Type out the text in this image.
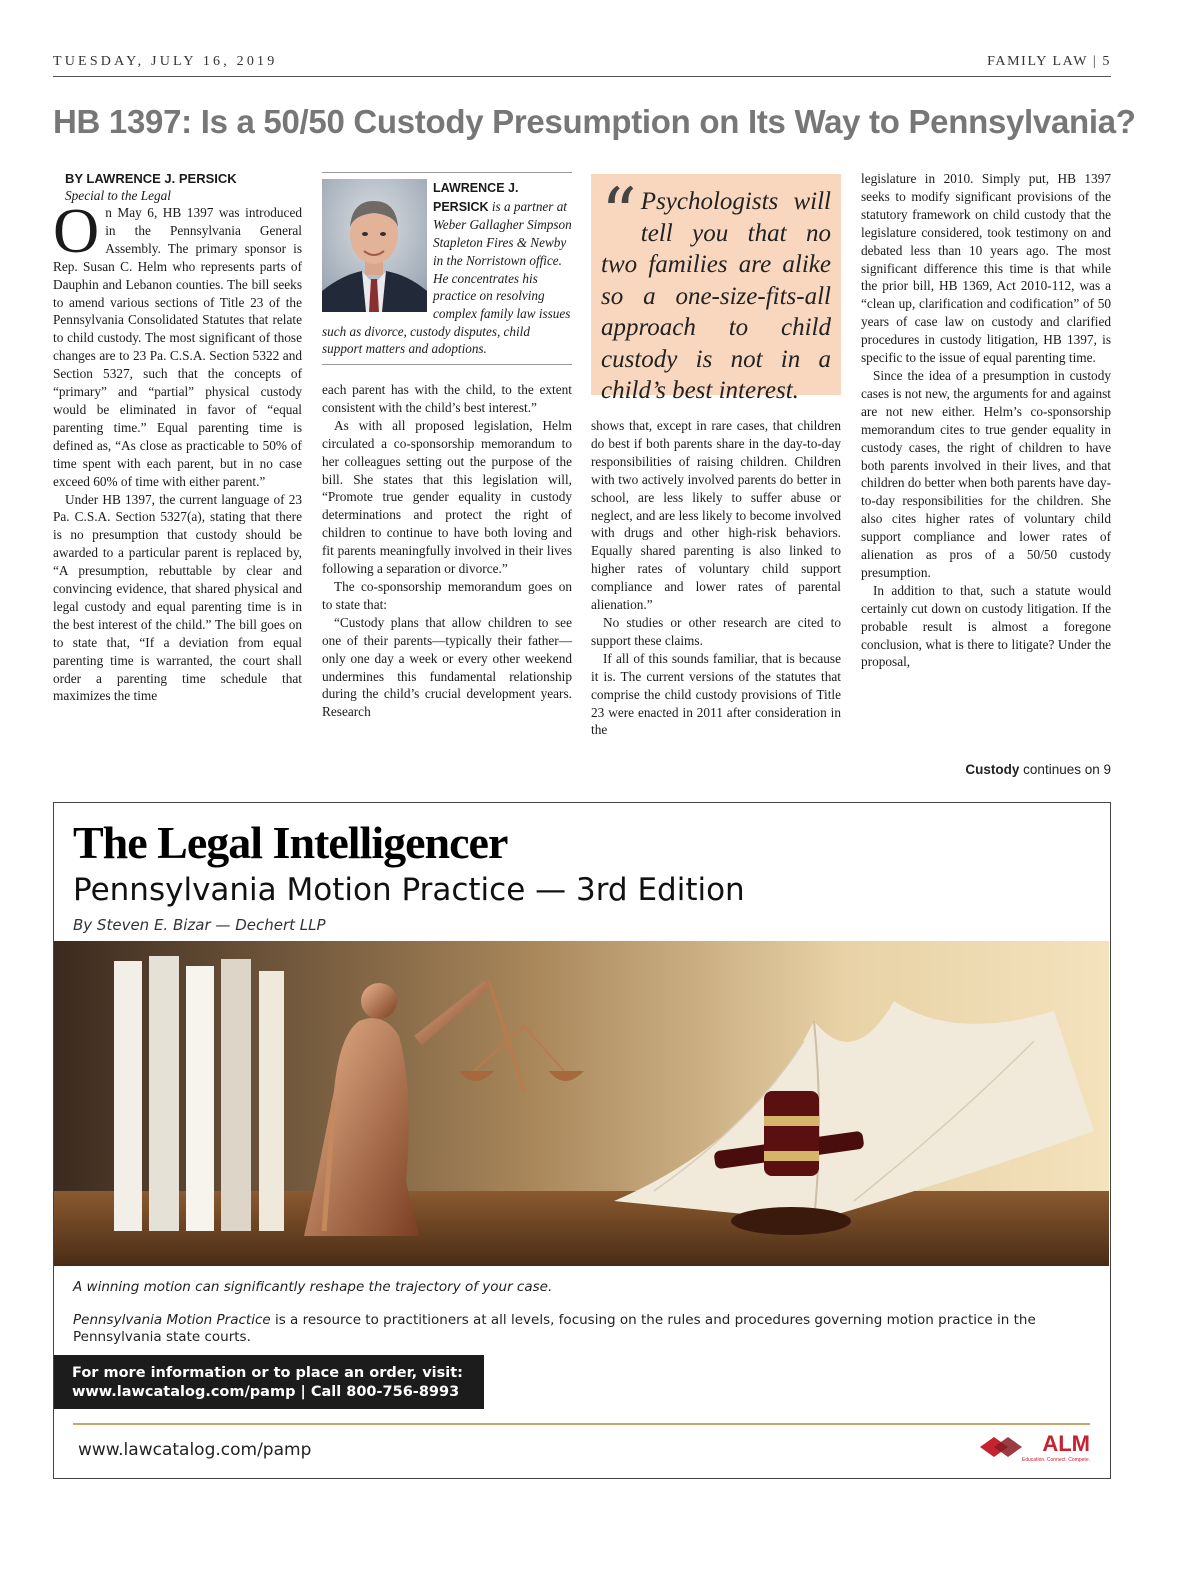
TUESDAY, JULY 16, 2019	FAMILY LAW | 5
HB 1397: Is a 50/50 Custody Presumption on Its Way to Pennsylvania?

BY LAWRENCE J. PERSICK

Special to the Legal

On May 6, HB 1397 was introduced in the Pennsylvania General Assembly. The primary sponsor is Rep. Susan C. Helm who represents parts of Dauphin and Lebanon counties. The bill seeks to amend various sections of Title 23 of the Pennsylvania Consolidated Statutes that relate to child custody. The most significant of those changes are to 23 Pa. C.S.A. Section 5322 and Section 5327, such that the concepts of “primary” and “partial” physical custody would be eliminated in favor of “equal parenting time.” Equal parenting time is defined as, “As close as practicable to 50% of time spent with each parent, but in no case exceed 60% of time with either parent.”

Under HB 1397, the current language of 23 Pa. C.S.A. Section 5327(a), stating that there is no presumption that custody should be awarded to a particular parent is replaced by, “A presumption, rebuttable by clear and convincing evidence, that shared physical and legal custody and equal parenting time is in the best interest of the child.” The bill goes on to state that, “If a deviation from equal parenting time is warranted, the court shall order a parenting time schedule that maximizes the time

LAWRENCE J. PERSICK is a partner at Weber Gallagher Simpson Stapleton Fires & Newby in the Norristown office. He concentrates his practice on resolving complex family law issues such as divorce, custody disputes, child support matters and adoptions.

each parent has with the child, to the extent consistent with the child’s best interest.”

As with all proposed legislation, Helm circulated a co-sponsorship memorandum to her colleagues setting out the purpose of the bill. She states that this legislation will, “Promote true gender equality in custody determinations and protect the right of children to continue to have both loving and fit parents meaningfully involved in their lives following a separation or divorce.”

The co-sponsorship memorandum goes on to state that:

“Custody plans that allow children to see one of their parents—typically their father—only one day a week or every other weekend undermines this fundamental relationship during the child’s crucial development years. Research

“ Psychologists will tell you that no two families are alike so a one-size-fits-all approach to child custody is not in a child’s best interest.

shows that, except in rare cases, that children do best if both parents share in the day-to-day responsibilities of raising children. Children with two actively involved parents do better in school, are less likely to suffer abuse or neglect, and are less likely to become involved with drugs and other high-risk behaviors. Equally shared parenting is also linked to higher rates of voluntary child support compliance and lower rates of parental alienation.”

No studies or other research are cited to support these claims.

If all of this sounds familiar, that is because it is. The current versions of the statutes that comprise the child custody provisions of Title 23 were enacted in 2011 after consideration in the

legislature in 2010. Simply put, HB 1397 seeks to modify significant provisions of the statutory framework on child custody that the legislature considered, took testimony on and debated less than 10 years ago. The most significant difference this time is that while the prior bill, HB 1369, Act 2010-112, was a “clean up, clarification and codification” of 50 years of case law on custody and clarified procedures in custody litigation, HB 1397, is specific to the issue of equal parenting time.

Since the idea of a presumption in custody cases is not new, the arguments for and against are not new either. Helm’s co-sponsorship memorandum cites to true gender equality in custody cases, the right of children to have both parents involved in their lives, and that children do better when both parents have day-to-day responsibilities for the children. She also cites higher rates of voluntary child support compliance and lower rates of alienation as pros of a 50/50 custody presumption.

In addition to that, such a statute would certainly cut down on custody litigation. If the probable result is almost a foregone conclusion, what is there to litigate? Under the proposal,

Custody continues on 9
The Legal Intelligencer
Pennsylvania Motion Practice — 3rd Edition
By Steven E. Bizar — Dechert LLP
A winning motion can significantly reshape the trajectory of your case.
Pennsylvania Motion Practice is a resource to practitioners at all levels, focusing on the rules and procedures governing motion practice in the Pennsylvania state courts.
For more information or to place an order, visit:
www.lawcatalog.com/pamp | Call 800-756-8993
www.lawcatalog.com/pamp	ALM
Education. Connect. Compete.
